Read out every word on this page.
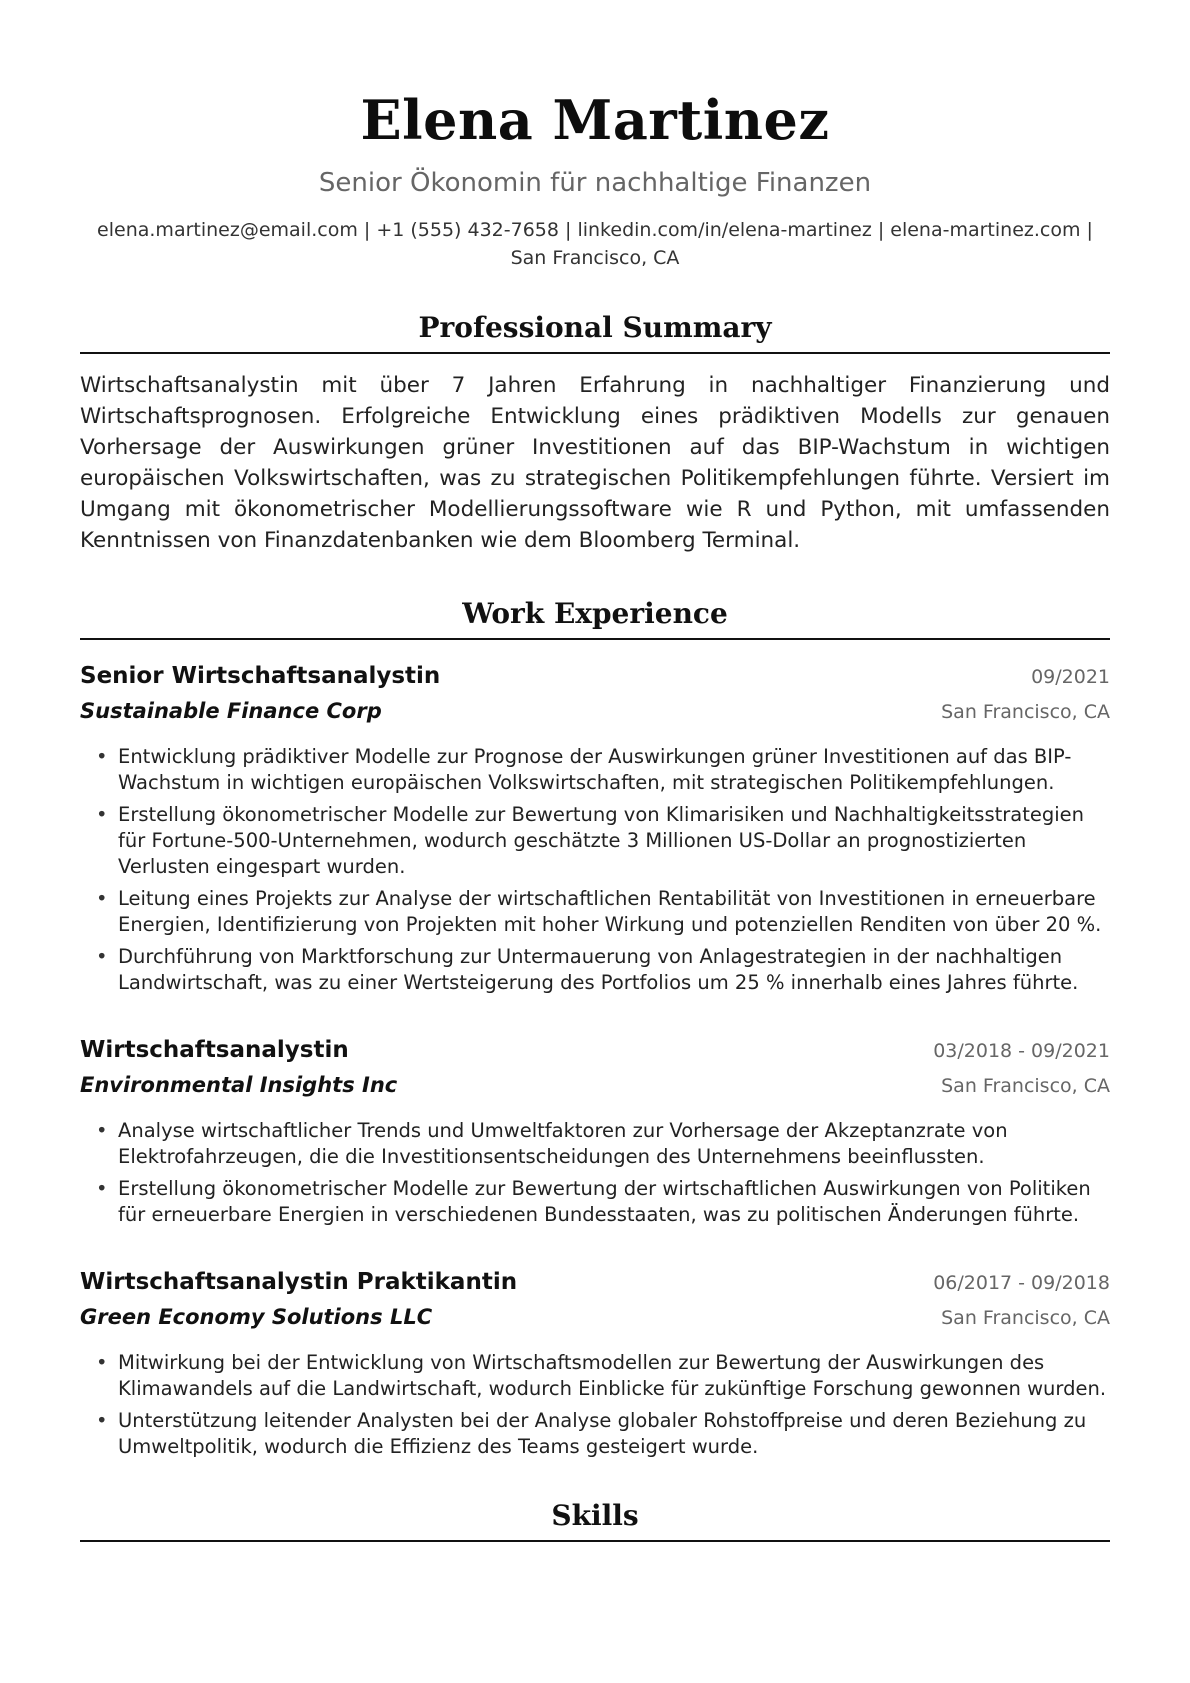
Elena Martinez
Senior Ökonomin für nachhaltige Finanzen
elena.martinez@email.com | +1 (555) 432-7658 | linkedin.com/in/elena-martinez | elena-martinez.com | San Francisco, CA
Professional Summary

Wirtschaftsanalystin mit über 7 Jahren Erfahrung in nachhaltiger Finanzierung und Wirtschaftsprognosen. Erfolgreiche Entwicklung eines prädiktiven Modells zur genauen Vorhersage der Auswirkungen grüner Investitionen auf das BIP-Wachstum in wichtigen europäischen Volkswirtschaften, was zu strategischen Politikempfehlungen führte. Versiert im Umgang mit ökonometrischer Modellierungssoftware wie R und Python, mit umfassenden Kenntnissen von Finanzdatenbanken wie dem Bloomberg Terminal.

Work Experience
Senior Wirtschaftsanalystin	09/2021
Sustainable Finance Corp	San Francisco, CA
• Entwicklung prädiktiver Modelle zur Prognose der Auswirkungen grüner Investitionen auf das BIP-Wachstum in wichtigen europäischen Volkswirtschaften, mit strategischen Politikempfehlungen.
• Erstellung ökonometrischer Modelle zur Bewertung von Klimarisiken und Nachhaltigkeitsstrategien für Fortune-500-Unternehmen, wodurch geschätzte 3 Millionen US-Dollar an prognostizierten Verlusten eingespart wurden.
• Leitung eines Projekts zur Analyse der wirtschaftlichen Rentabilität von Investitionen in erneuerbare Energien, Identifizierung von Projekten mit hoher Wirkung und potenziellen Renditen von über 20 %.
• Durchführung von Marktforschung zur Untermauerung von Anlagestrategien in der nachhaltigen Landwirtschaft, was zu einer Wertsteigerung des Portfolios um 25 % innerhalb eines Jahres führte.
Wirtschaftsanalystin	03/2018 - 09/2021
Environmental Insights Inc	San Francisco, CA
• Analyse wirtschaftlicher Trends und Umweltfaktoren zur Vorhersage der Akzeptanzrate von Elektrofahrzeugen, die die Investitionsentscheidungen des Unternehmens beeinflussten.
• Erstellung ökonometrischer Modelle zur Bewertung der wirtschaftlichen Auswirkungen von Politiken für erneuerbare Energien in verschiedenen Bundesstaaten, was zu politischen Änderungen führte.
Wirtschaftsanalystin Praktikantin	06/2017 - 09/2018
Green Economy Solutions LLC	San Francisco, CA
• Mitwirkung bei der Entwicklung von Wirtschaftsmodellen zur Bewertung der Auswirkungen des Klimawandels auf die Landwirtschaft, wodurch Einblicke für zukünftige Forschung gewonnen wurden.
• Unterstützung leitender Analysten bei der Analyse globaler Rohstoffpreise und deren Beziehung zu Umweltpolitik, wodurch die Effizienz des Teams gesteigert wurde.
Skills
